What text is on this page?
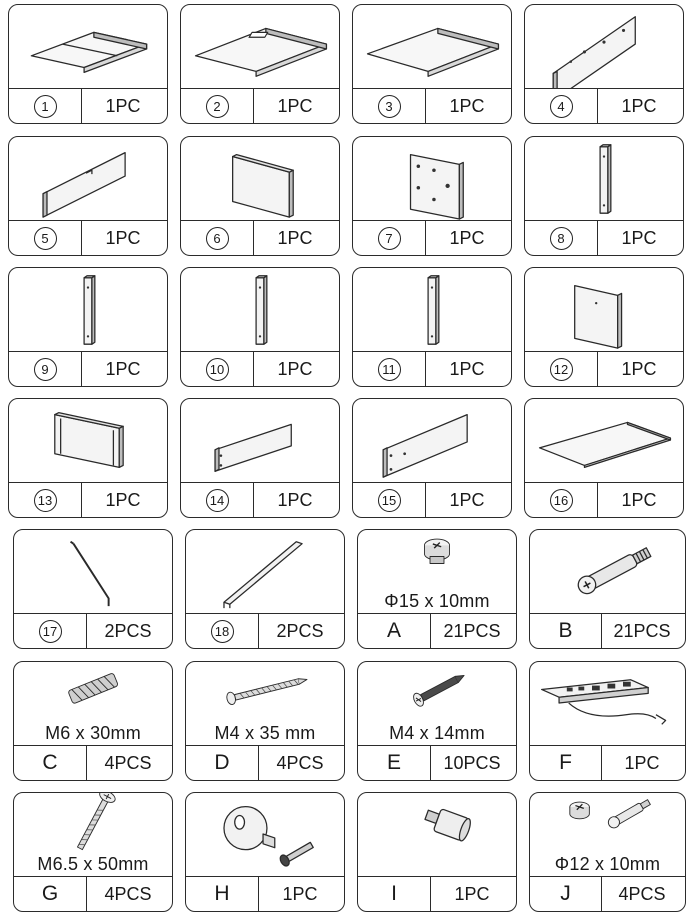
1	1PC	2	1PC	3	1PC	4	1PC
5	1PC	6	1PC	7	1PC	8	1PC
9	1PC	10	1PC	11	1PC	12	1PC
13	1PC	14	1PC	15	1PC	16	1PC
17	2PCS	18	2PCS
Φ15 x 10mm
A	21PCS	B	21PCS
M6 x 30mm
C	4PCS
M4 x 35 mm
D	4PCS
M4 x 14mm
E	10PCS	F	1PC
M6.5 x 50mm
G	4PCS	H	1PC	I	1PC
Φ12 x 10mm
J	4PCS
